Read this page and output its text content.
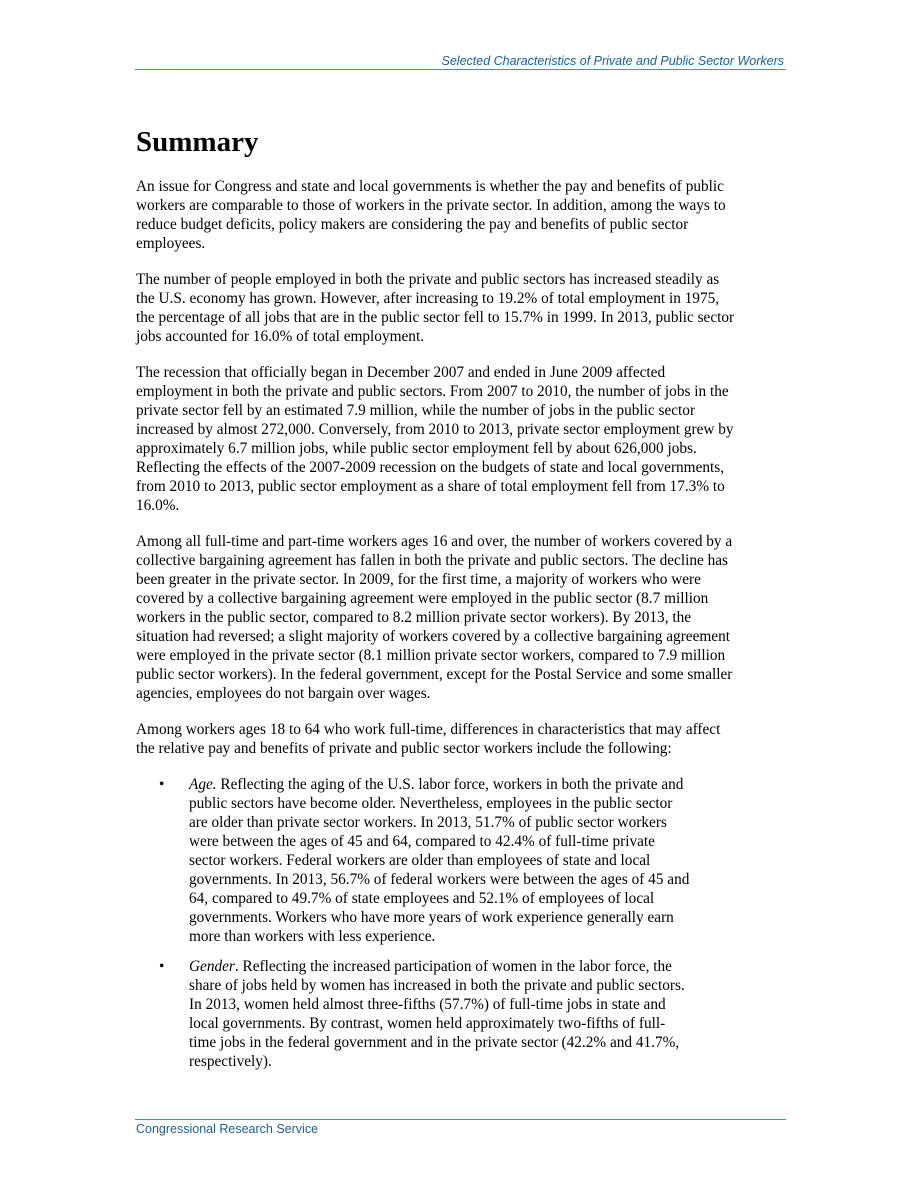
Selected Characteristics of Private and Public Sector Workers
Summary
An issue for Congress and state and local governments is whether the pay and benefits of public
workers are comparable to those of workers in the private sector. In addition, among the ways to
reduce budget deficits, policy makers are considering the pay and benefits of public sector
employees.
The number of people employed in both the private and public sectors has increased steadily as
the U.S. economy has grown. However, after increasing to 19.2% of total employment in 1975,
the percentage of all jobs that are in the public sector fell to 15.7% in 1999. In 2013, public sector
jobs accounted for 16.0% of total employment.
The recession that officially began in December 2007 and ended in June 2009 affected
employment in both the private and public sectors. From 2007 to 2010, the number of jobs in the
private sector fell by an estimated 7.9 million, while the number of jobs in the public sector
increased by almost 272,000. Conversely, from 2010 to 2013, private sector employment grew by
approximately 6.7 million jobs, while public sector employment fell by about 626,000 jobs.
Reflecting the effects of the 2007-2009 recession on the budgets of state and local governments,
from 2010 to 2013, public sector employment as a share of total employment fell from 17.3% to
16.0%.
Among all full-time and part-time workers ages 16 and over, the number of workers covered by a
collective bargaining agreement has fallen in both the private and public sectors. The decline has
been greater in the private sector. In 2009, for the first time, a majority of workers who were
covered by a collective bargaining agreement were employed in the public sector (8.7 million
workers in the public sector, compared to 8.2 million private sector workers). By 2013, the
situation had reversed; a slight majority of workers covered by a collective bargaining agreement
were employed in the private sector (8.1 million private sector workers, compared to 7.9 million
public sector workers). In the federal government, except for the Postal Service and some smaller
agencies, employees do not bargain over wages.
Among workers ages 18 to 64 who work full-time, differences in characteristics that may affect
the relative pay and benefits of private and public sector workers include the following:
• Age. Reflecting the aging of the U.S. labor force, workers in both the private and
public sectors have become older. Nevertheless, employees in the public sector
are older than private sector workers. In 2013, 51.7% of public sector workers
were between the ages of 45 and 64, compared to 42.4% of full-time private
sector workers. Federal workers are older than employees of state and local
governments. In 2013, 56.7% of federal workers were between the ages of 45 and
64, compared to 49.7% of state employees and 52.1% of employees of local
governments. Workers who have more years of work experience generally earn
more than workers with less experience.
• Gender. Reflecting the increased participation of women in the labor force, the
share of jobs held by women has increased in both the private and public sectors.
In 2013, women held almost three-fifths (57.7%) of full-time jobs in state and
local governments. By contrast, women held approximately two-fifths of full-
time jobs in the federal government and in the private sector (42.2% and 41.7%,
respectively).
Congressional Research Service
